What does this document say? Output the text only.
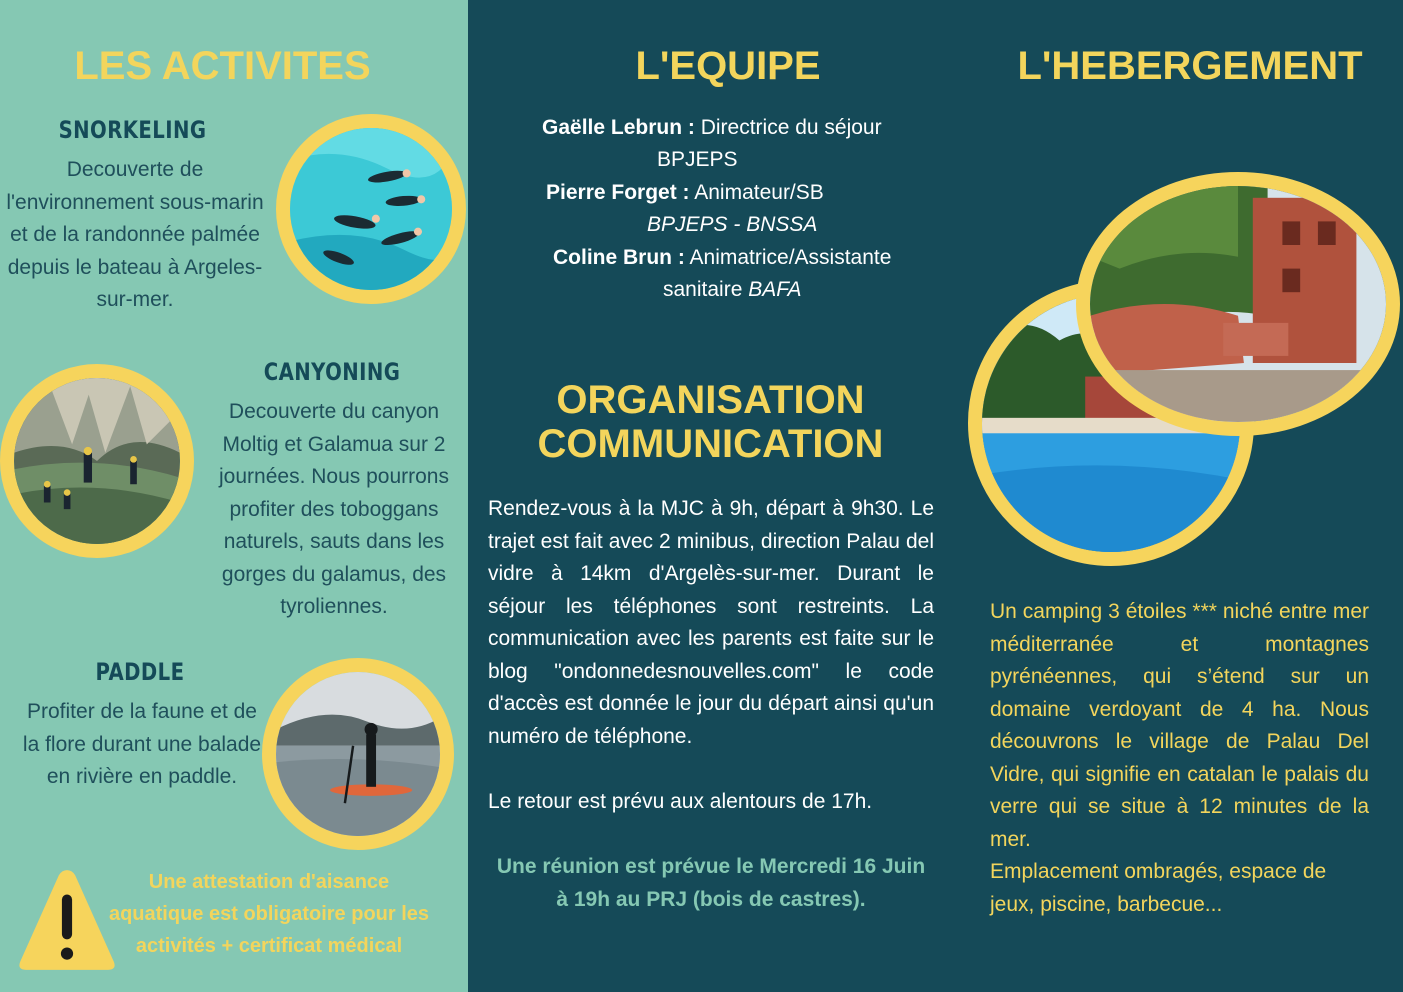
LES ACTIVITES
SNORKELING
Decouverte de l'environnement sous-marin et de la randonnée palmée depuis le bateau à Argeles-sur-mer.
CANYONING
Decouverte du canyon Moltig et Galamua sur 2 journées. Nous pourrons profiter des toboggans naturels, sauts dans les gorges du galamus, des tyroliennes.
PADDLE
Profiter de la faune et de la flore durant une balade en rivière en paddle.
Une attestation d'aisance aquatique est obligatoire pour les activités + certificat médical
L'EQUIPE
Gaëlle Lebrun : Directrice du séjour
BPJEPS
Pierre Forget : Animateur/SB
BPJEPS - BNSSA
Coline Brun : Animatrice/Assistante
sanitaire BAFA
ORGANISATION
COMMUNICATION
Rendez-vous à la MJC à 9h, départ à 9h30. Le trajet est fait avec 2 minibus, direction Palau del vidre à 14km d'Argelès-sur-mer. Durant le séjour les téléphones sont restreints. La communication avec les parents est faite sur le blog "ondonnedesnouvelles.com" le code d'accès est donnée le jour du départ ainsi qu'un numéro de téléphone.
Le retour est prévu aux alentours de 17h.
Une réunion est prévue le Mercredi 16 Juin à 19h au PRJ (bois de castres).
L'HEBERGEMENT
Un camping 3 étoiles *** niché entre mer méditerranée et montagnes pyrénéennes, qui s’étend sur un domaine verdoyant de 4 ha. Nous découvrons le village de Palau Del Vidre, qui signifie en catalan le palais du verre qui se situe à 12 minutes de la mer.
Emplacement ombragés, espace de jeux, piscine, barbecue...
